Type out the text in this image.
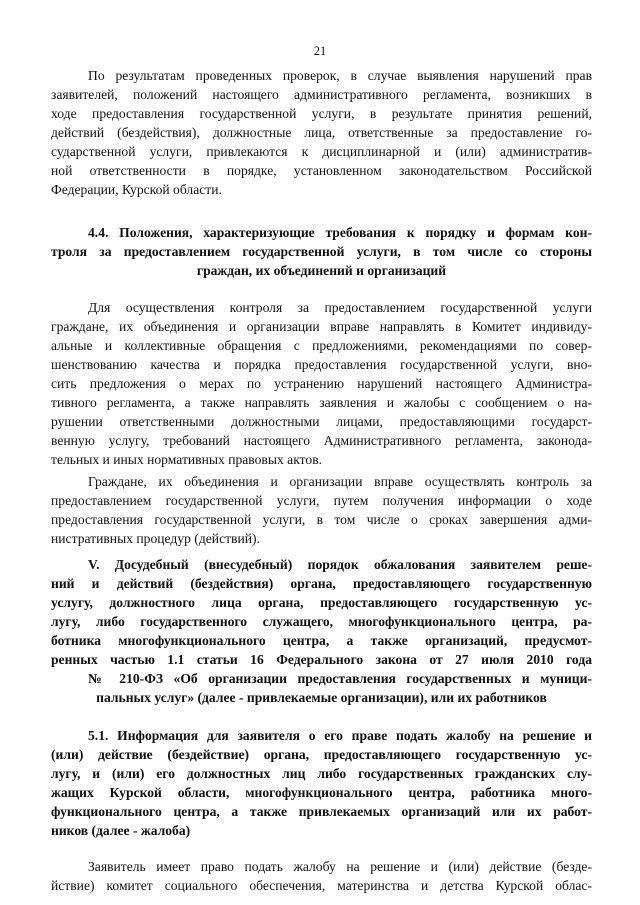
21
По результатам проведенных проверок, в случае выявления нарушений прав
заявителей, положений настоящего административного регламента, возникших в
ходе предоставления государственной услуги, в результате принятия решений,
действий (бездействия), должностные лица, ответственные за предоставление го-
сударственной услуги, привлекаются к дисциплинарной и (или) административ-
ной ответственности в порядке, установленном законодательством Российской
Федерации, Курской области.
4.4. Положения, характеризующие требования к порядку и формам кон-
троля за предоставлением государственной услуги, в том числе со стороны
граждан, их объединений и организаций
Для осуществления контроля за предоставлением государственной услуги
граждане, их объединения и организации вправе направлять в Комитет индивиду-
альные и коллективные обращения с предложениями, рекомендациями по совер-
шенствованию качества и порядка предоставления государственной услуги, вно-
сить предложения о мерах по устранению нарушений настоящего Администра-
тивного регламента, а также направлять заявления и жалобы с сообщением о на-
рушении ответственными должностными лицами, предоставляющими государст-
венную услугу, требований настоящего Административного регламента, законода-
тельных и иных нормативных правовых актов.
Граждане, их объединения и организации вправе осуществлять контроль за
предоставлением государственной услуги, путем получения информации о ходе
предоставления государственной услуги, в том числе о сроках завершения адми-
нистративных процедур (действий).
V. Досудебный (внесудебный) порядок обжалования заявителем реше-
ний и действий (бездействия) органа, предоставляющего государственную
услугу, должностного лица органа, предоставляющего государственную ус-
лугу, либо государственного служащего, многофункционального центра, ра-
ботника многофункционального центра, а также организаций, предусмот-
ренных частью 1.1 статьи 16 Федерального закона от 27 июля 2010 года
№ 210-ФЗ «Об организации предоставления государственных и муници-
пальных услуг» (далее - привлекаемые организации), или их работников
5.1. Информация для заявителя о его праве подать жалобу на решение и
(или) действие (бездействие) органа, предоставляющего государственную ус-
лугу, и (или) его должностных лиц либо государственных гражданских слу-
жащих Курской области, многофункционального центра, работника много-
функционального центра, а также привлекаемых организаций или их работ-
ников (далее - жалоба)
Заявитель имеет право подать жалобу на решение и (или) действие (безде-
йствие) комитет социального обеспечения, материнства и детства Курской облас-
